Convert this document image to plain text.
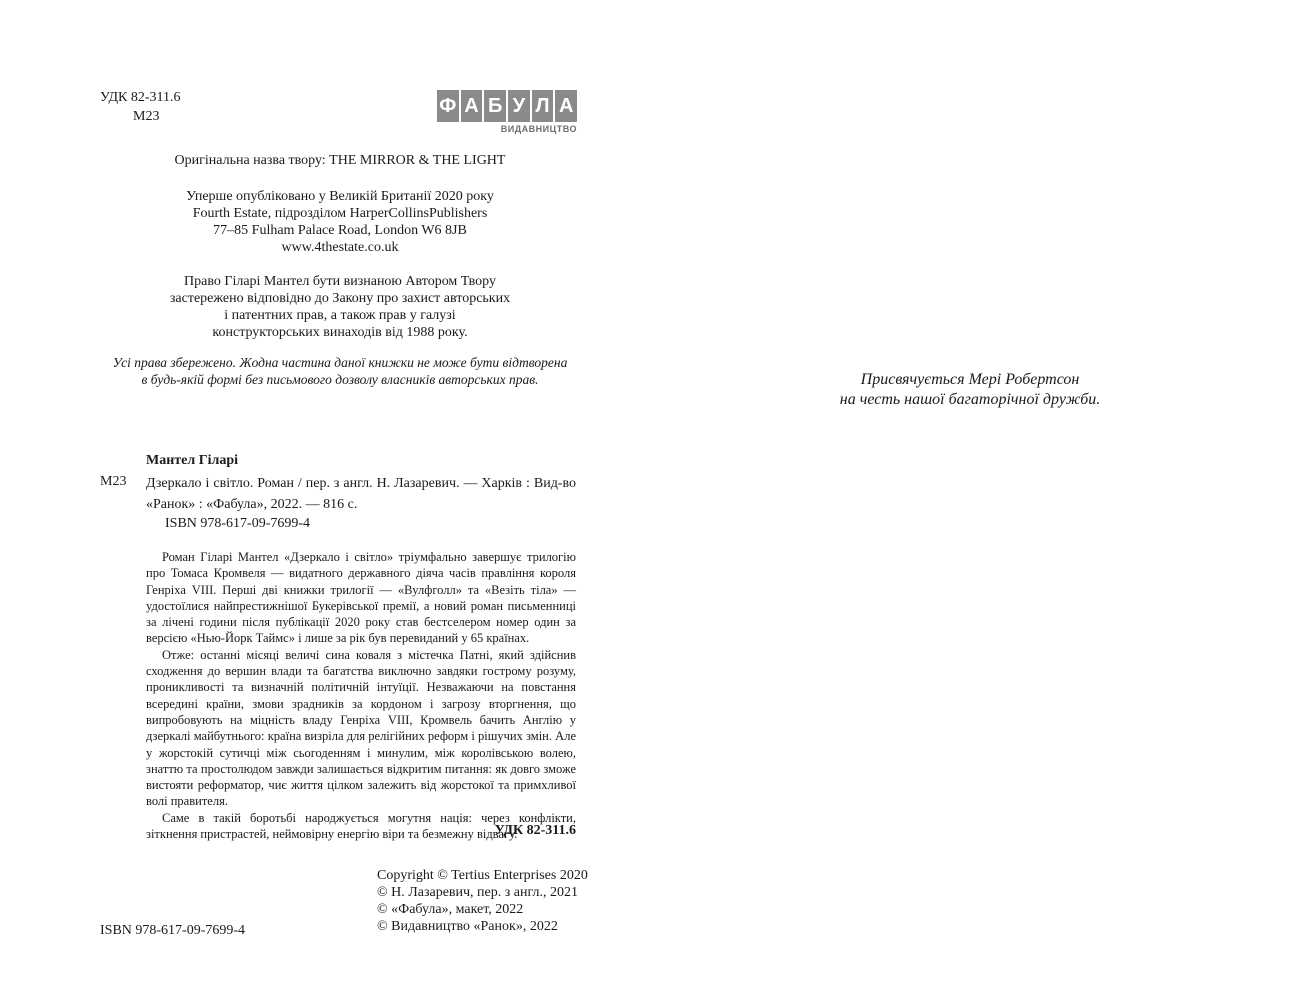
УДК 82-311.6
М23	Ф А Б У Л А
ВИДАВНИЦТВО
Оригінальна назва твору: THE MIRROR & THE LIGHT
Уперше опубліковано у Великій Британії 2020 року
Fourth Estate, підрозділом HarperCollinsPublishers
77–85 Fulham Palace Road, London W6 8JB
www.4thestate.co.uk
Право Гіларі Мантел бути визнаною Автором Твору
застережено відповідно до Закону про захист авторських
і патентних прав, а також прав у галузі
конструкторських винаходів від 1988 року.
Усі права збережено. Жодна частина даної книжки не може бути відтворена
в будь-якій формі без письмового дозволу власників авторських прав.
Мантел Гіларі
М23 Дзеркало і світло. Роман / пер. з англ. Н. Лазаревич. — Харків : Вид-во «Ранок» : «Фабула», 2022. — 816 с.
ISBN 978-617-09-7699-4

Роман Гіларі Мантел «Дзеркало і світло» тріумфально завершує трилогію про Томаса Кромвеля — видатного державного діяча часів правління короля Генріха VIII. Перші дві книжки трилогії — «Вулфголл» та «Везіть тіла» — удостоїлися найпрестижнішої Букерівської премії, а новий роман письменниці за лічені години після публікації 2020 року став бестселером номер один за версією «Нью-Йорк Таймс» і лише за рік був перевиданий у 65 країнах.

Отже: останні місяці величі сина коваля з містечка Патні, який здійснив сходження до вершин влади та багатства виключно завдяки гострому розуму, проникливості та визначній політичній інтуїції. Незважаючи на повстання всередині країни, змови зрадників за кордоном і загрозу вторгнення, що випробовують на міцність владу Генріха VIII, Кромвель бачить Англію у дзеркалі майбутнього: країна визріла для релігійних реформ і рішучих змін. Але у жорстокій сутичці між сьогоденням і минулим, між королівською волею, знаттю та простолюдом завжди залишається відкритим питання: як довго зможе вистояти реформатор, чиє життя цілком залежить від жорстокої та примхливої волі правителя.

Саме в такій боротьбі народжується могутня нація: через конфлікти, зіткнення пристрастей, неймовірну енергію віри та безмежну відвагу.

УДК 82-311.6
Copyright © Tertius Enterprises 2020
© Н. Лазаревич, пер. з англ., 2021
© «Фабула», макет, 2022
© Видавництво «Ранок», 2022
ISBN 978-617-09-7699-4
Присвячується Мері Робертсон
на честь нашої багаторічної дружби.
